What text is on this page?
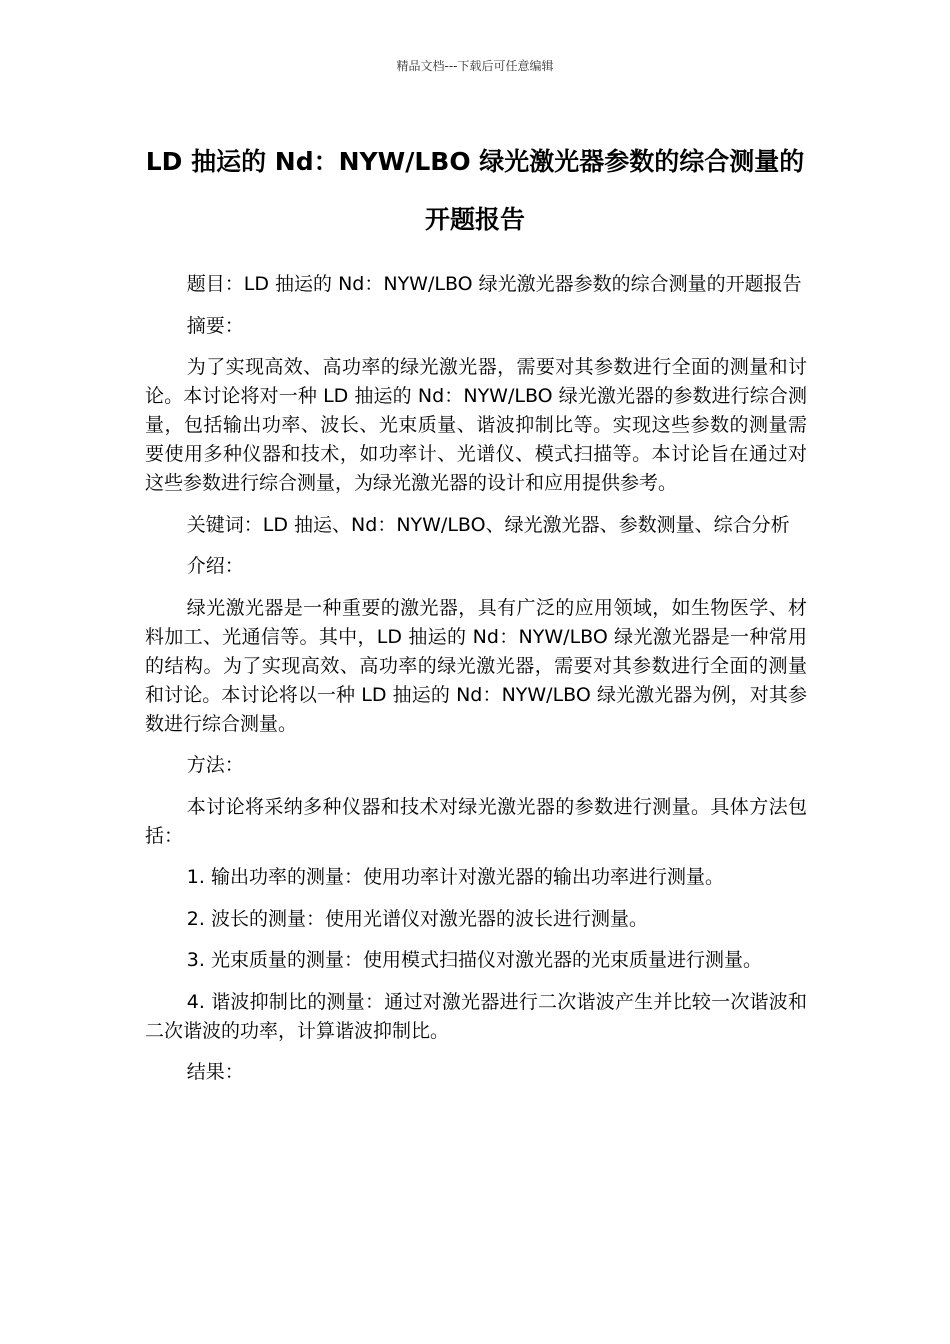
精品文档---下载后可任意编辑
LD 抽运的 Nd：NYW/LBO 绿光激光器参数的综合测量的开题报告

题目：LD 抽运的 Nd：NYW/LBO 绿光激光器参数的综合测量的开题报告

摘要：

为了实现高效、高功率的绿光激光器，需要对其参数进行全面的测量和讨论。本讨论将对一种 LD 抽运的 Nd：NYW/LBO 绿光激光器的参数进行综合测量，包括输出功率、波长、光束质量、谐波抑制比等。实现这些参数的测量需要使用多种仪器和技术，如功率计、光谱仪、模式扫描等。本讨论旨在通过对这些参数进行综合测量，为绿光激光器的设计和应用提供参考。

关键词：LD 抽运、Nd：NYW/LBO、绿光激光器、参数测量、综合分析

介绍：

绿光激光器是一种重要的激光器，具有广泛的应用领域，如生物医学、材料加工、光通信等。其中，LD 抽运的 Nd：NYW/LBO 绿光激光器是一种常用的结构。为了实现高效、高功率的绿光激光器，需要对其参数进行全面的测量和讨论。本讨论将以一种 LD 抽运的 Nd：NYW/LBO 绿光激光器为例，对其参数进行综合测量。

方法：

本讨论将采纳多种仪器和技术对绿光激光器的参数进行测量。具体方法包括：

1. 输出功率的测量：使用功率计对激光器的输出功率进行测量。

2. 波长的测量：使用光谱仪对激光器的波长进行测量。

3. 光束质量的测量：使用模式扫描仪对激光器的光束质量进行测量。

4. 谐波抑制比的测量：通过对激光器进行二次谐波产生并比较一次谐波和二次谐波的功率，计算谐波抑制比。

结果：
